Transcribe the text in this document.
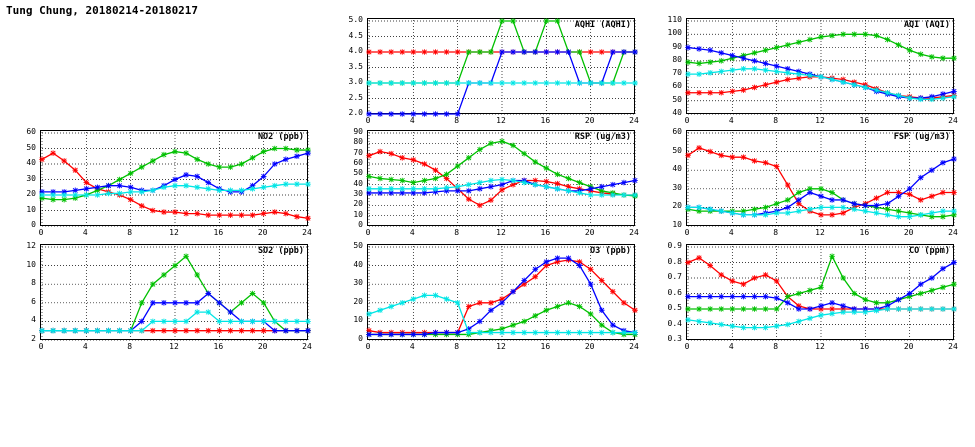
Tung Chung, 20180214-20180217
AQHI (AQHI)
2.0
2.5
3.0
3.5
4.0
4.5
5.0
0	4	8	12	16	20	24
AQI (AQI)
40
50
60
70
80
90
100
110
0	4	8	12	16	20	24
NO2 (ppb)
0
10
20
30
40
50
60
0	4	8	12	16	20	24
RSP (ug/m3)
0
10
20
30
40
50
60
70
80
90
0	4	8	12	16	20	24
FSP (ug/m3)
10
20
30
40
50
60
0	4	8	12	16	20	24
SO2 (ppb)
2
4
6
8
10
12
0	4	8	12	16	20	24
O3 (ppb)
0
10
20
30
40
50
0	4	8	12	16	20	24
CO (ppm)
0.3
0.4
0.5
0.6
0.7
0.8
0.9
0	4	8	12	16	20	24
